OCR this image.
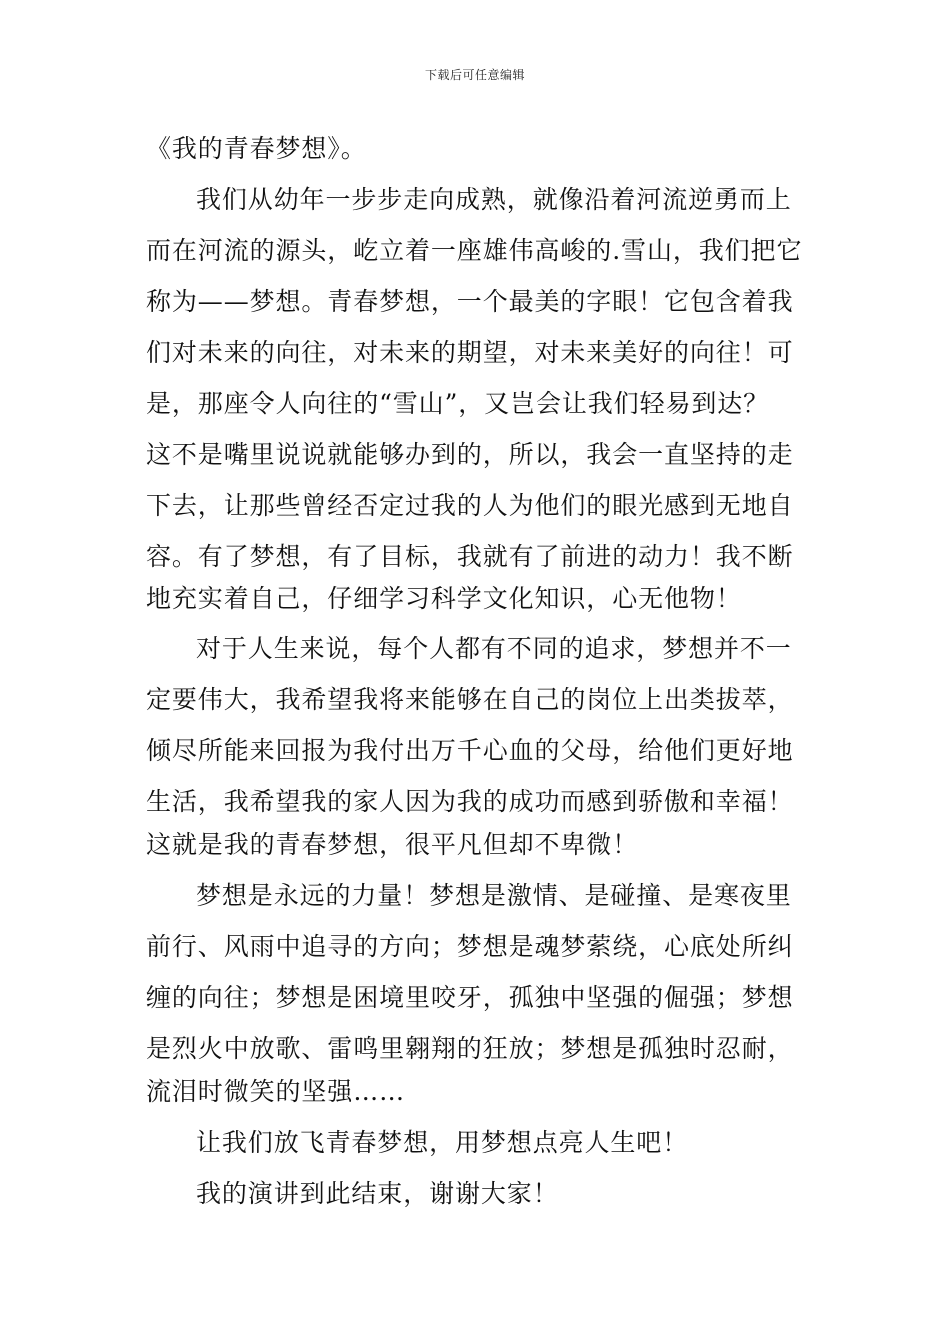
下载后可任意编辑
《我的青春梦想》。
我们从幼年一步步走向成熟，就像沿着河流逆勇而上
而在河流的源头，屹立着一座雄伟高峻的.雪山，我们把它
称为——梦想。青春梦想，一个最美的字眼！它包含着我
们对未来的向往，对未来的期望，对未来美好的向往！可
是，那座令人向往的“雪山”，又岂会让我们轻易到达？
这不是嘴里说说就能够办到的，所以，我会一直坚持的走
下去，让那些曾经否定过我的人为他们的眼光感到无地自
容。有了梦想，有了目标，我就有了前进的动力！我不断
地充实着自己，仔细学习科学文化知识，心无他物！
对于人生来说，每个人都有不同的追求，梦想并不一
定要伟大，我希望我将来能够在自己的岗位上出类拔萃，
倾尽所能来回报为我付出万千心血的父母，给他们更好地
生活，我希望我的家人因为我的成功而感到骄傲和幸福！
这就是我的青春梦想，很平凡但却不卑微！
梦想是永远的力量！梦想是激情、是碰撞、是寒夜里
前行、风雨中追寻的方向；梦想是魂梦萦绕，心底处所纠
缠的向往；梦想是困境里咬牙，孤独中坚强的倔强；梦想
是烈火中放歌、雷鸣里翱翔的狂放；梦想是孤独时忍耐，
流泪时微笑的坚强……
让我们放飞青春梦想，用梦想点亮人生吧！
我的演讲到此结束，谢谢大家！
